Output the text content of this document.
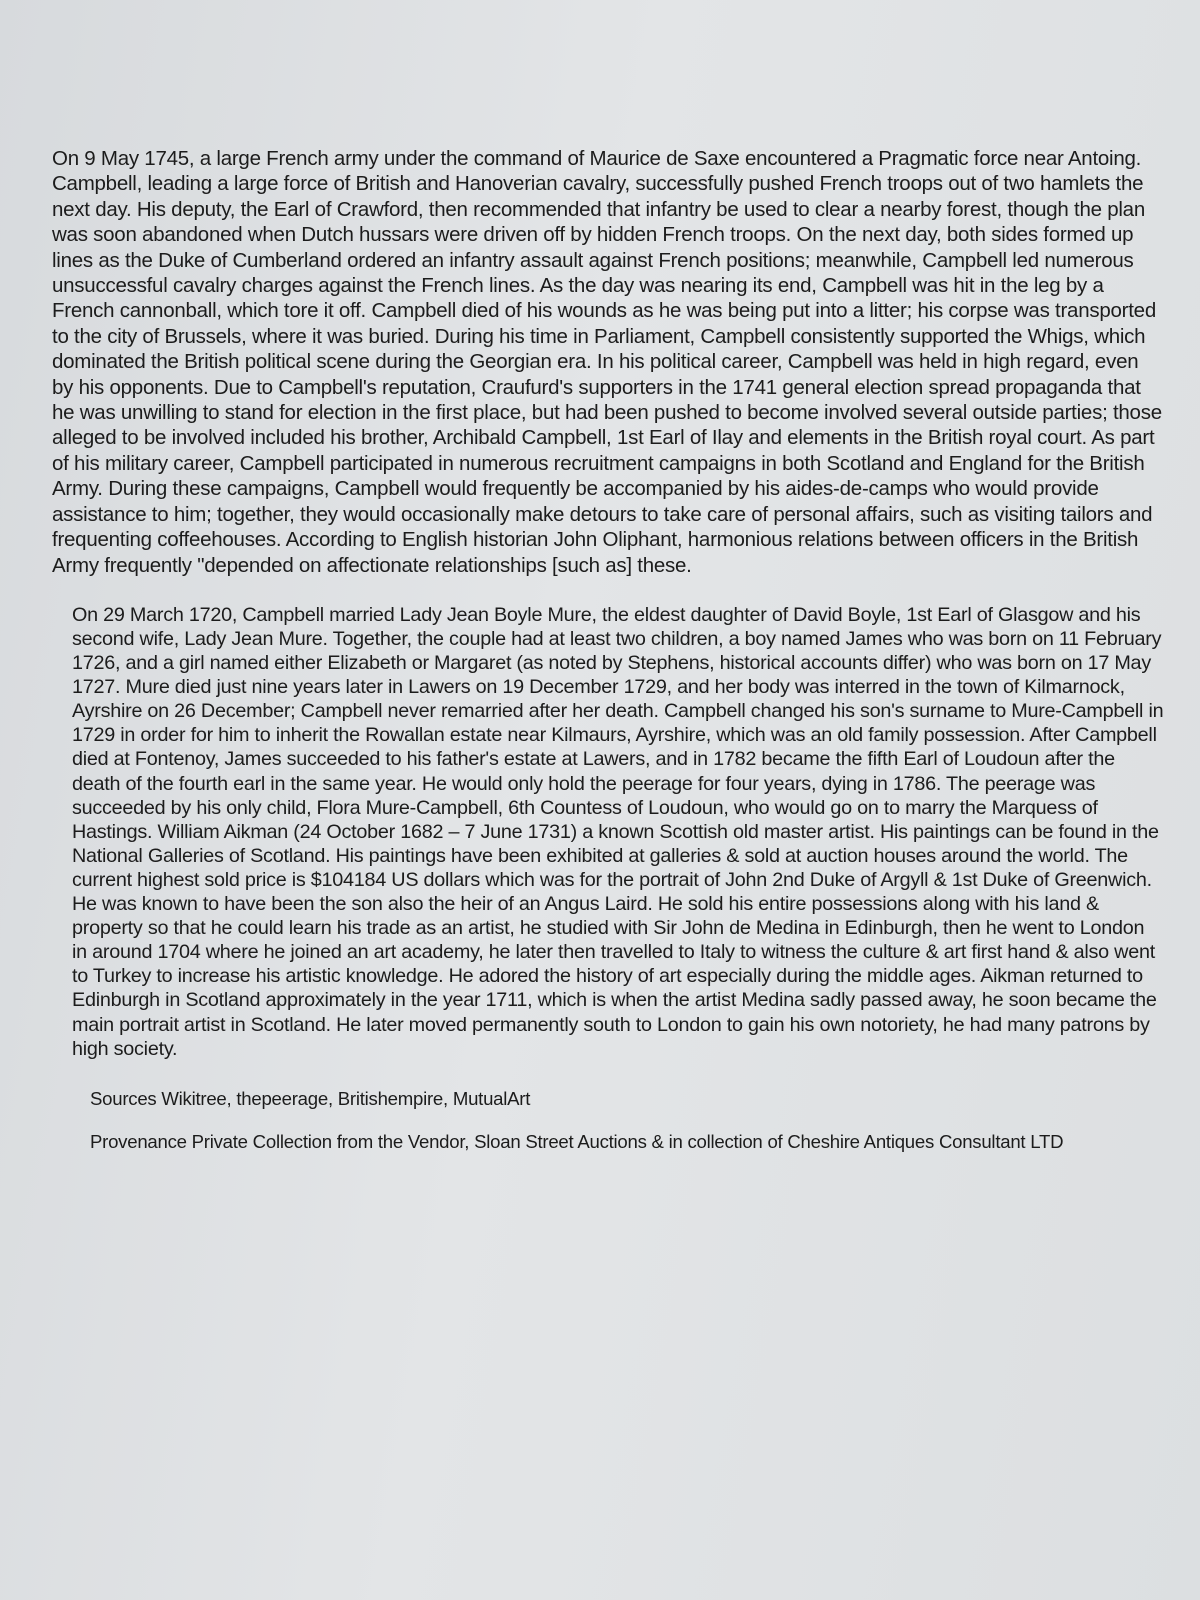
On 9 May 1745, a large French army under the command of Maurice de Saxe encountered a Pragmatic force near Antoing. Campbell, leading a large force of British and Hanoverian cavalry, successfully pushed French troops out of two hamlets the next day. His deputy, the Earl of Crawford, then recommended that infantry be used to clear a nearby forest, though the plan was soon abandoned when Dutch hussars were driven off by hidden French troops. On the next day, both sides formed up lines as the Duke of Cumberland ordered an infantry assault against French positions; meanwhile, Campbell led numerous unsuccessful cavalry charges against the French lines. As the day was nearing its end, Campbell was hit in the leg by a French cannonball, which tore it off. Campbell died of his wounds as he was being put into a litter; his corpse was transported to the city of Brussels, where it was buried. During his time in Parliament, Campbell consistently supported the Whigs, which dominated the British political scene during the Georgian era. In his political career, Campbell was held in high regard, even by his opponents. Due to Campbell's reputation, Craufurd's supporters in the 1741 general election spread propaganda that he was unwilling to stand for election in the first place, but had been pushed to become involved several outside parties; those alleged to be involved included his brother, Archibald Campbell, 1st Earl of Ilay and elements in the British royal court. As part of his military career, Campbell participated in numerous recruitment campaigns in both Scotland and England for the British Army. During these campaigns, Campbell would frequently be accompanied by his aides-de-camps who would provide assistance to him; together, they would occasionally make detours to take care of personal affairs, such as visiting tailors and frequenting coffeehouses. According to English historian John Oliphant, harmonious relations between officers in the British Army frequently "depended on affectionate relationships [such as] these.

On 29 March 1720, Campbell married Lady Jean Boyle Mure, the eldest daughter of David Boyle, 1st Earl of Glasgow and his second wife, Lady Jean Mure. Together, the couple had at least two children, a boy named James who was born on 11 February 1726, and a girl named either Elizabeth or Margaret (as noted by Stephens, historical accounts differ) who was born on 17 May 1727. Mure died just nine years later in Lawers on 19 December 1729, and her body was interred in the town of Kilmarnock, Ayrshire on 26 December; Campbell never remarried after her death. Campbell changed his son's surname to Mure-Campbell in 1729 in order for him to inherit the Rowallan estate near Kilmaurs, Ayrshire, which was an old family possession. After Campbell died at Fontenoy, James succeeded to his father's estate at Lawers, and in 1782 became the fifth Earl of Loudoun after the death of the fourth earl in the same year. He would only hold the peerage for four years, dying in 1786. The peerage was succeeded by his only child, Flora Mure-Campbell, 6th Countess of Loudoun, who would go on to marry the Marquess of Hastings. William Aikman (24 October 1682 – 7 June 1731) a known Scottish old master artist. His paintings can be found in the National Galleries of Scotland. His paintings have been exhibited at galleries & sold at auction houses around the world. The current highest sold price is $104184 US dollars which was for the portrait of John 2nd Duke of Argyll & 1st Duke of Greenwich. He was known to have been the son also the heir of an Angus Laird. He sold his entire possessions along with his land & property so that he could learn his trade as an artist, he studied with Sir John de Medina in Edinburgh, then he went to London in around 1704 where he joined an art academy, he later then travelled to Italy to witness the culture & art first hand & also went to Turkey to increase his artistic knowledge. He adored the history of art especially during the middle ages. Aikman returned to Edinburgh in Scotland approximately in the year 1711, which is when the artist Medina sadly passed away, he soon became the main portrait artist in Scotland. He later moved permanently south to London to gain his own notoriety, he had many patrons by high society.

Sources Wikitree, thepeerage, Britishempire, MutualArt

Provenance Private Collection from the Vendor, Sloan Street Auctions & in collection of Cheshire Antiques Consultant LTD
